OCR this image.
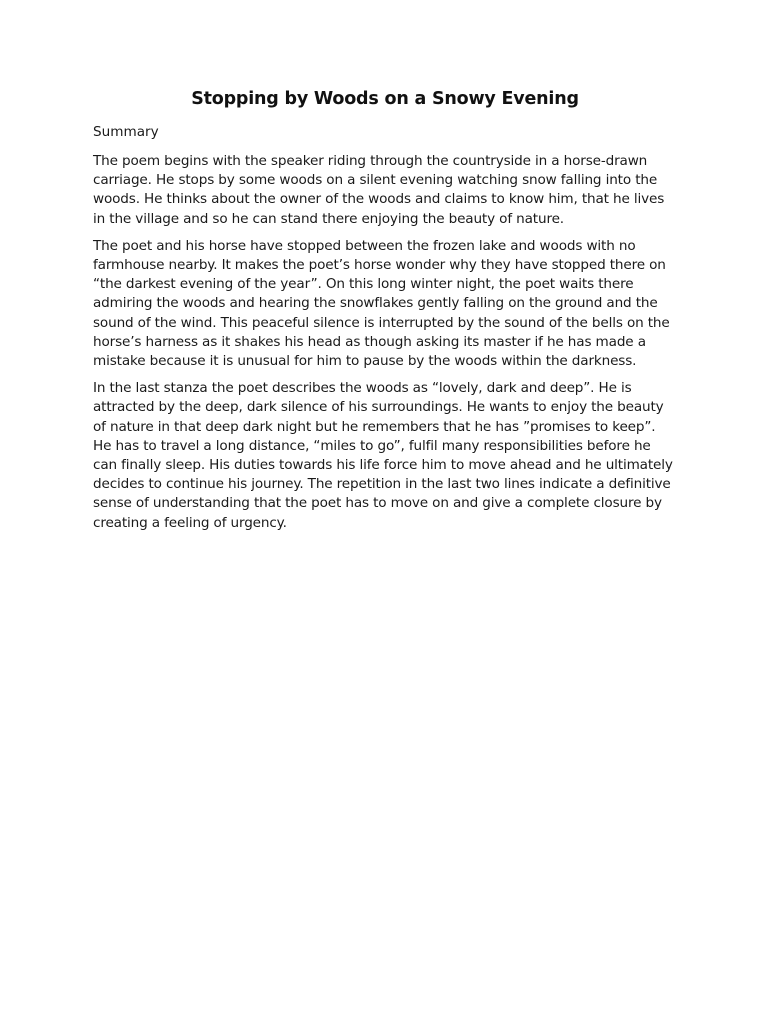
Stopping by Woods on a Snowy Evening

Summary

The poem begins with the speaker riding through the countryside in a horse-drawn carriage. He stops by some woods on a silent evening watching snow falling into the woods. He thinks about the owner of the woods and claims to know him, that he lives in the village and so he can stand there enjoying the beauty of nature.

The poet and his horse have stopped between the frozen lake and woods with no farmhouse nearby. It makes the poet’s horse wonder why they have stopped there on “the darkest evening of the year”. On this long winter night, the poet waits there admiring the woods and hearing the snowflakes gently falling on the ground and the sound of the wind. This peaceful silence is interrupted by the sound of the bells on the horse’s harness as it shakes his head as though asking its master if he has made a mistake because it is unusual for him to pause by the woods within the darkness.

In the last stanza the poet describes the woods as “lovely, dark and deep”. He is attracted by the deep, dark silence of his surroundings. He wants to enjoy the beauty of nature in that deep dark night but he remembers that he has ”promises to keep”. He has to travel a long distance, “miles to go”, fulfil many responsibilities before he can finally sleep. His duties towards his life force him to move ahead and he ultimately decides to continue his journey. The repetition in the last two lines indicate a definitive sense of understanding that the poet has to move on and give a complete closure by creating a feeling of urgency.
